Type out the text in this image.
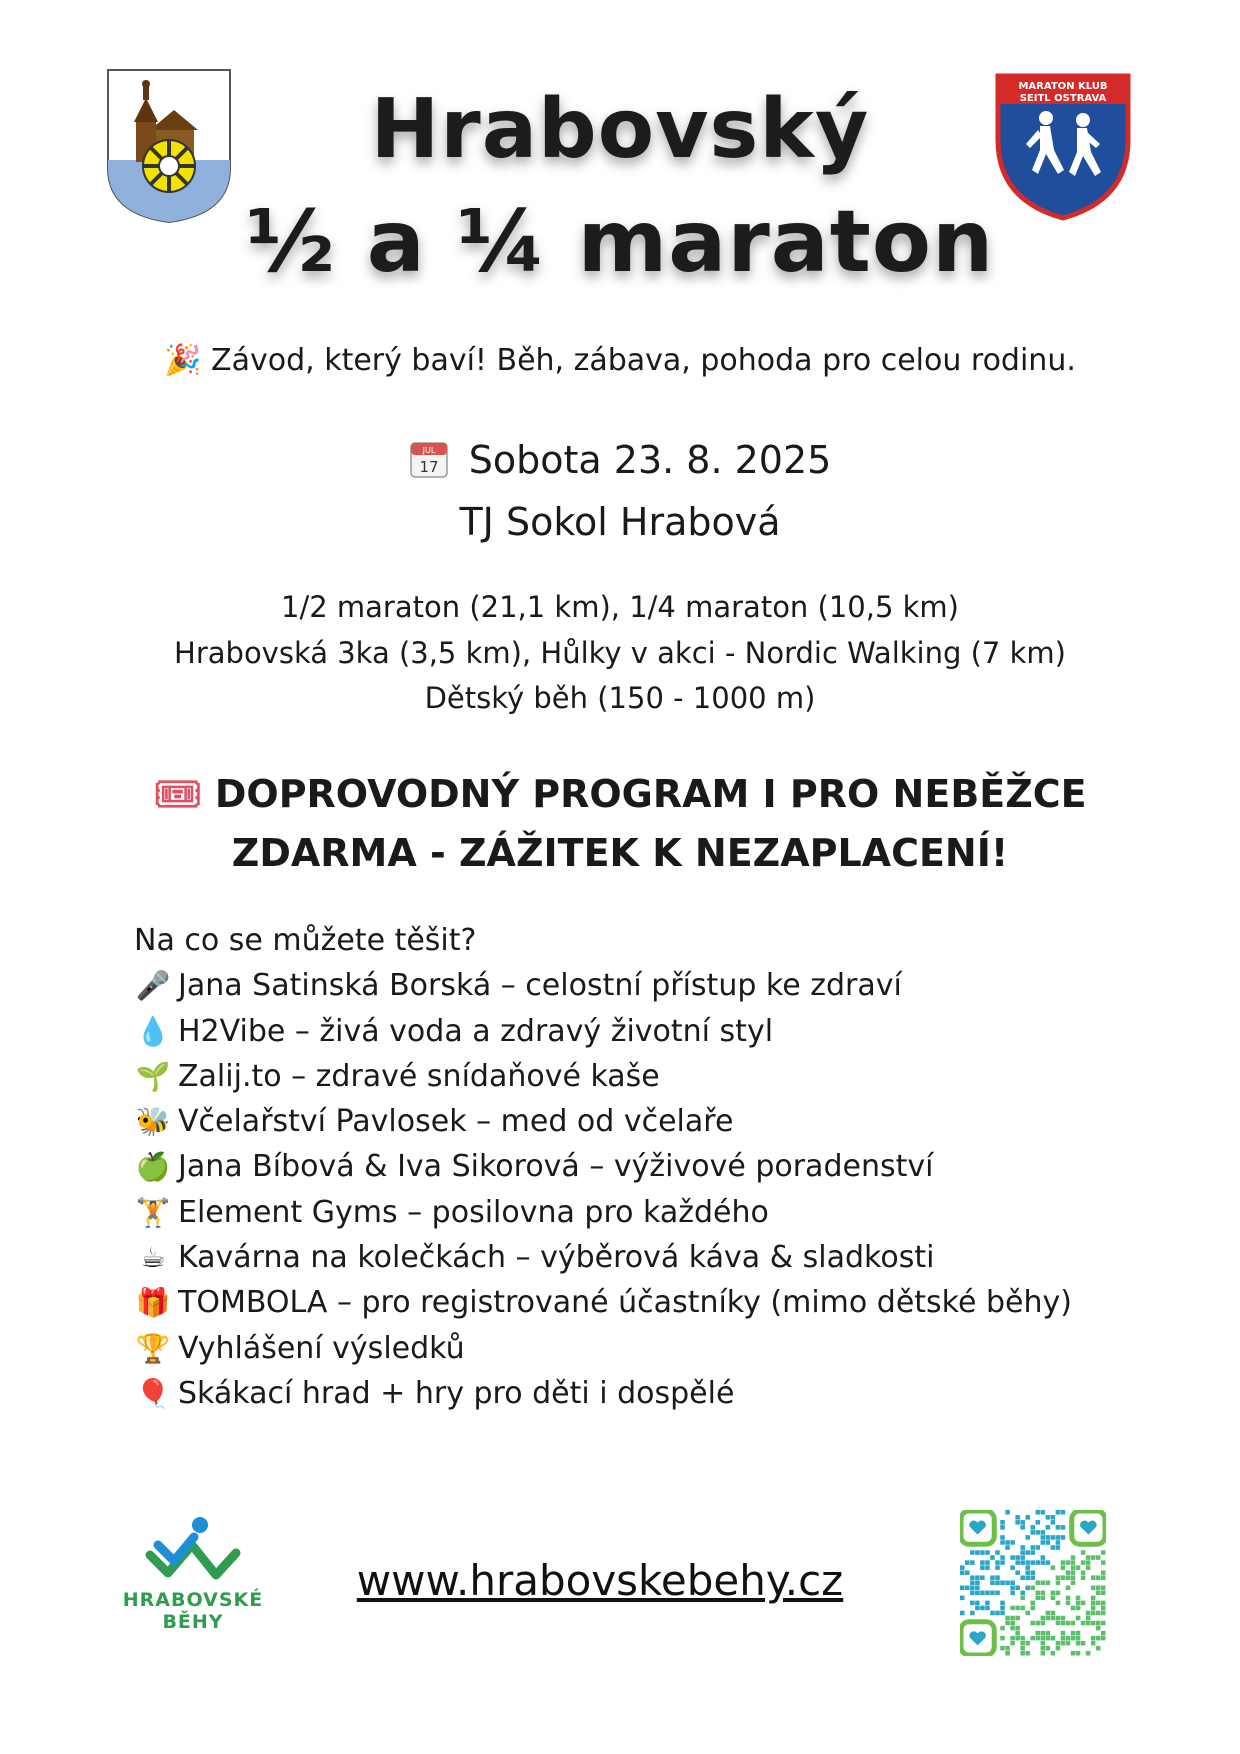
MARATON KLUB
SEITL OSTRAVA
Hrabovský
½ a ¼ maraton
🎉 Závod, který baví! Běh, zábava, pohoda pro celou rodinu.
JUL
17 Sobota 23. 8. 2025
TJ Sokol Hrabová
1/2 maraton (21,1 km), 1/4 maraton (10,5 km)
Hrabovská 3ka (3,5 km), Hůlky v akci - Nordic Walking (7 km)
Dětský běh (150 - 1000 m)
🎟 DOPROVODNÝ PROGRAM I PRO NEBĚŽCE
ZDARMA - ZÁŽITEK K NEZAPLACENÍ!
Na co se můžete těšit?
🎤 Jana Satinská Borská – celostní přístup ke zdraví
💧 H2Vibe – živá voda a zdravý životní styl
🌱 Zalij.to – zdravé snídaňové kaše
🐝 Včelařství Pavlosek – med od včelaře
🍏 Jana Bíbová & Iva Sikorová – výživové poradenství
🏋 Element Gyms – posilovna pro každého
☕ Kavárna na kolečkách – výběrová káva & sladkosti
🎁 TOMBOLA – pro registrované účastníky (mimo dětské běhy)
🏆 Vyhlášení výsledků
🎈 Skákací hrad + hry pro děti i dospělé
HRABOVSKÉ
BĚHY
www.hrabovskebehy.cz
